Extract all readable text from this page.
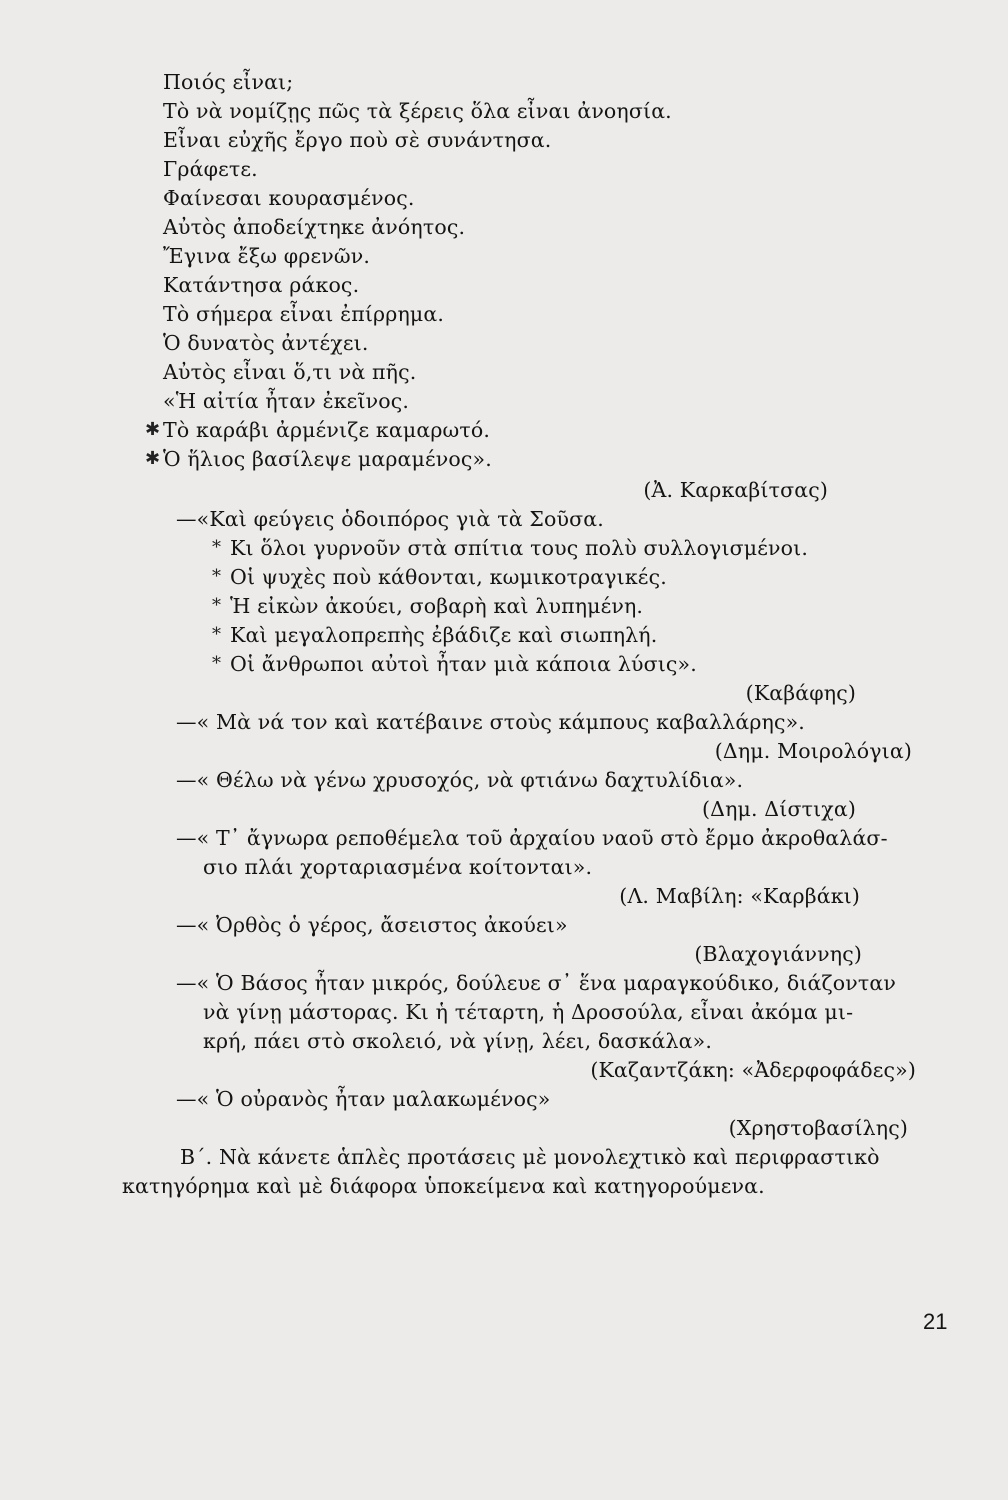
Ποιός εἶναι;
Τὸ νὰ νομίζῃς πῶς τὰ ξέρεις ὅλα εἶναι ἀνοησία.
Εἶναι εὐχῆς ἔργο ποὺ σὲ συνάντησα.
Γράφετε.
Φαίνεσαι κουρασμένος.
Αὐτὸς ἀποδείχτηκε ἀνόητος.
Ἔγινα ἔξω φρενῶν.
Κατάντησα ράκος.
Τὸ σήμερα εἶναι ἐπίρρημα.
Ὁ δυνατὸς ἀντέχει.
Αὐτὸς εἶναι ὅ,τι νὰ πῆς.
«Ἡ αἰτία ἦταν ἐκεῖνος.
✱ Τὸ καράβι ἀρμένιζε καμαρωτό.
✱ Ὁ ἥλιος βασίλεψε μαραμένος».
(Ἀ. Καρκαβίτσας)
—«Καὶ φεύγεις ὁδοιπόρος γιὰ τὰ Σοῦσα.
* Κι ὅλοι γυρνοῦν στὰ σπίτια τους πολὺ συλλογισμένοι.
* Οἱ ψυχὲς ποὺ κάθονται, κωμικοτραγικές.
* Ἡ εἰκὼν ἀκούει, σοβαρὴ καὶ λυπημένη.
* Καὶ μεγαλοπρεπὴς ἐβάδιζε καὶ σιωπηλή.
* Οἱ ἄνθρωποι αὐτοὶ ἦταν μιὰ κάποια λύσις».
(Καβάφης)
—« Μὰ νά τον καὶ κατέβαινε στοὺς κάμπους καβαλλάρης».
(Δημ. Μοιρολόγια)
—« Θέλω νὰ γένω χρυσοχός, νὰ φτιάνω δαχτυλίδια».
(Δημ. Δίστιχα)
—« Τ᾽ ἄγνωρα ρεποθέμελα τοῦ ἀρχαίου ναοῦ στὸ ἔρμο ἀκροθαλάσ-
σιο πλάι χορταριασμένα κοίτονται».
(Λ. Μαβίλη: «Καρβάκι)
—« Ὀρθὸς ὁ γέρος, ἄσειστος ἀκούει»
(Βλαχογιάννης)
—« Ὁ Βάσος ἦταν μικρός, δούλευε σ᾽ ἕνα μαραγκούδικο, διάζονταν
νὰ γίνῃ μάστορας. Κι ἡ τέταρτη, ἡ Δροσούλα, εἶναι ἀκόμα μι-
κρή, πάει στὸ σκολειό, νὰ γίνῃ, λέει, δασκάλα».
(Καζαντζάκη: «Ἀδερφοφάδες»)
—« Ὁ οὐρανὸς ἦταν μαλακωμένος»
(Χρηστοβασίλης)
Β΄. Νὰ κάνετε ἁπλὲς προτάσεις μὲ μονολεχτικὸ καὶ περιφραστικὸ
κατηγόρημα καὶ μὲ διάφορα ὑποκείμενα καὶ κατηγορούμενα.
21
